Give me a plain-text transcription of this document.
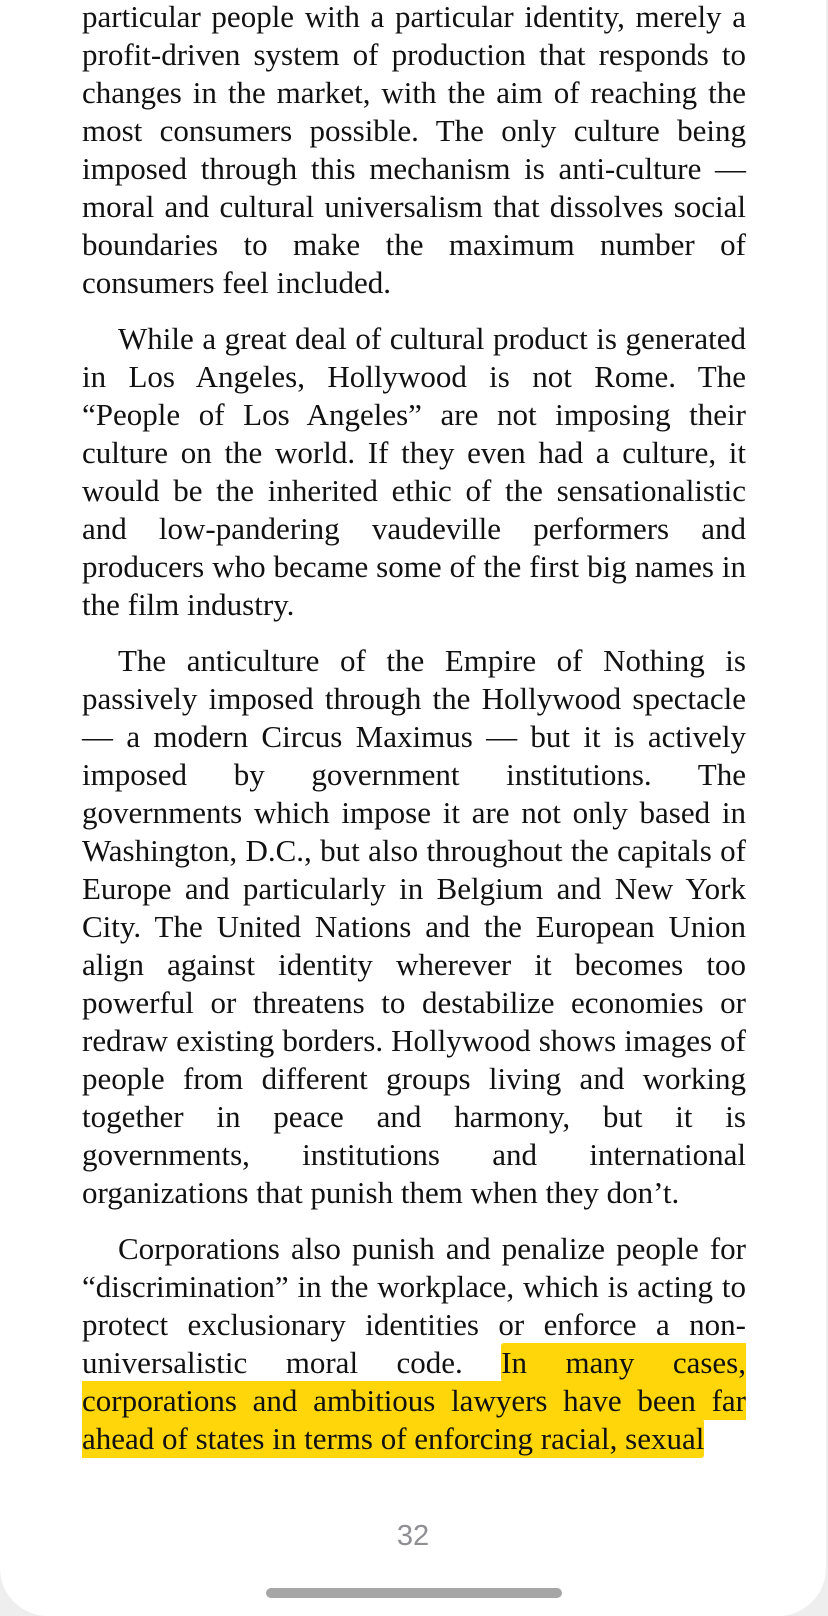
particular people with a particular identity, merely a profit-driven system of production that responds to changes in the market, with the aim of reaching the most consumers possible. The only culture being imposed through this mechanism is anti-culture — moral and cultural universalism that dissolves social boundaries to make the maximum number of consumers feel included.

While a great deal of cultural product is generated in Los Angeles, Hollywood is not Rome. The “People of Los Angeles” are not imposing their culture on the world. If they even had a culture, it would be the inherited ethic of the sensationalistic and low-pandering vaudeville performers and producers who became some of the first big names in the film industry.

The anticulture of the Empire of Nothing is passively imposed through the Hollywood spectacle — a modern Circus Maximus — but it is actively imposed by government institutions. The governments which impose it are not only based in Washington, D.C., but also throughout the capitals of Europe and particularly in Belgium and New York City. The United Nations and the European Union align against identity wherever it becomes too powerful or threatens to destabilize economies or redraw existing borders. Hollywood shows images of people from different groups living and working together in peace and harmony, but it is governments, institutions and international organizations that punish them when they don’t.

Corporations also punish and penalize people for “discrimination” in the workplace, which is acting to protect exclusionary identities or enforce a non-universalistic moral code. In many cases, corporations and ambitious lawyers have been far ahead of states in terms of enforcing racial, sexual

32
